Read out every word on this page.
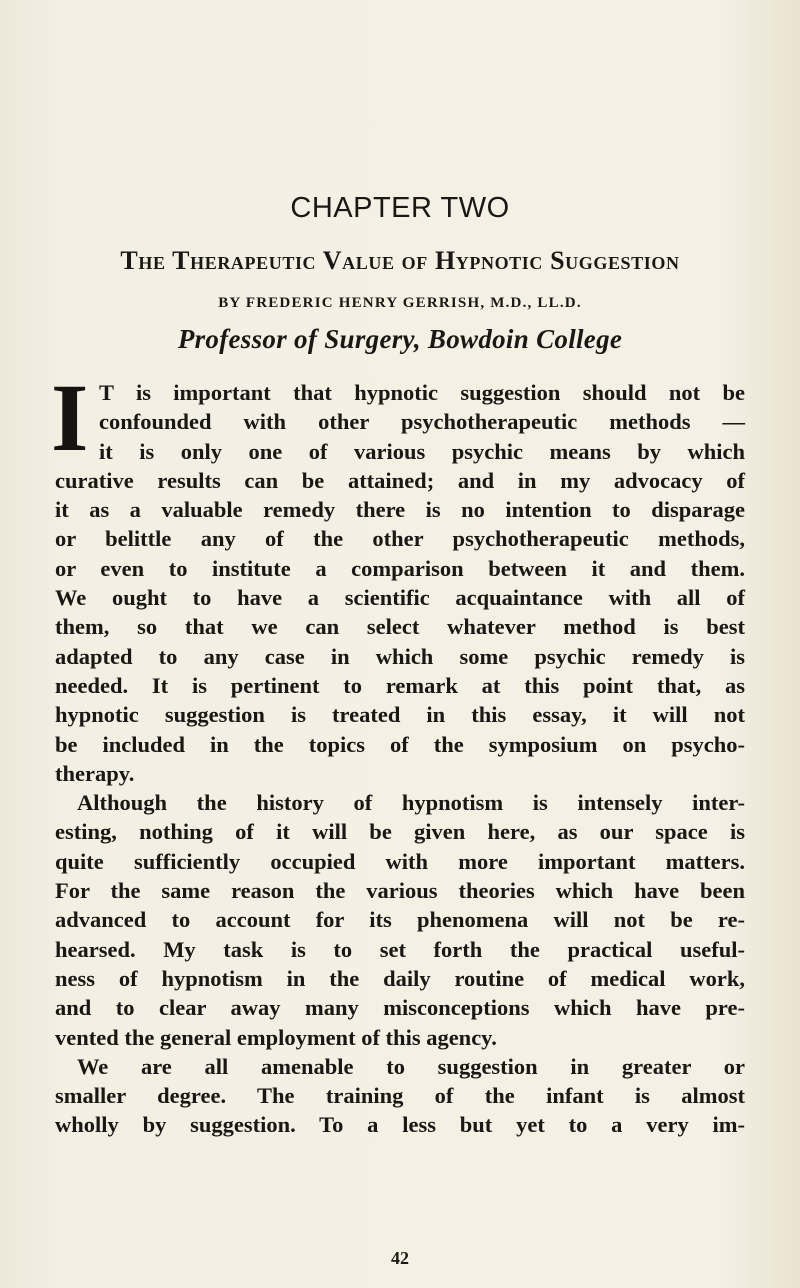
CHAPTER TWO
The Therapeutic Value of Hypnotic Suggestion
BY FREDERIC HENRY GERRISH, M.D., LL.D.
Professor of Surgery, Bowdoin College
I T is important that hypnotic suggestion should not be
confounded with other psychotherapeutic methods —
it is only one of various psychic means by which
curative results can be attained; and in my advocacy of
it as a valuable remedy there is no intention to disparage
or belittle any of the other psychotherapeutic methods,
or even to institute a comparison between it and them.
We ought to have a scientific acquaintance with all of
them, so that we can select whatever method is best
adapted to any case in which some psychic remedy is
needed. It is pertinent to remark at this point that, as
hypnotic suggestion is treated in this essay, it will not
be included in the topics of the symposium on psycho-
therapy.
Although the history of hypnotism is intensely inter-
esting, nothing of it will be given here, as our space is
quite sufficiently occupied with more important matters.
For the same reason the various theories which have been
advanced to account for its phenomena will not be re-
hearsed. My task is to set forth the practical useful-
ness of hypnotism in the daily routine of medical work,
and to clear away many misconceptions which have pre-
vented the general employment of this agency.
We are all amenable to suggestion in greater or
smaller degree. The training of the infant is almost
wholly by suggestion. To a less but yet to a very im-
42
